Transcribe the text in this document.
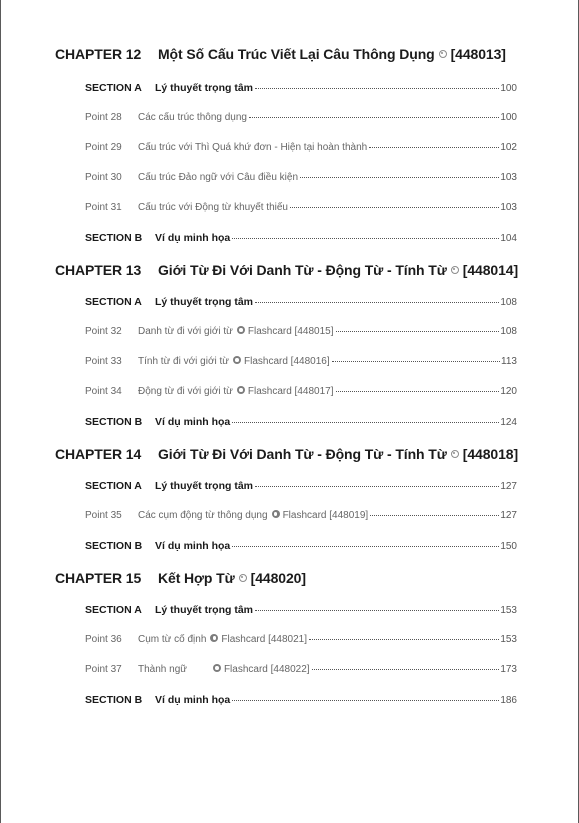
CHAPTER 12	Một Số Cấu Trúc Viết Lại Câu Thông Dụng [448013]
SECTION A	Lý thuyết trọng tâm	100
Point 28	Các cấu trúc thông dụng	100
Point 29	Cấu trúc với Thì Quá khứ đơn - Hiện tại hoàn thành	102
Point 30	Cấu trúc Đảo ngữ với Câu điều kiện	103
Point 31	Cấu trúc với Động từ khuyết thiếu	103
SECTION B	Ví dụ minh họa	104
CHAPTER 13	Giới Từ Đi Với Danh Từ - Động Từ - Tính Từ [448014]
SECTION A	Lý thuyết trọng tâm	108
Point 32	Danh từ đi với giới từ Flashcard [448015]	108
Point 33	Tính từ đi với giới từ Flashcard [448016]	113
Point 34	Động từ đi với giới từ Flashcard [448017]	120
SECTION B	Ví dụ minh họa	124
CHAPTER 14	Giới Từ Đi Với Danh Từ - Động Từ - Tính Từ [448018]
SECTION A	Lý thuyết trọng tâm	127
Point 35	Các cụm động từ thông dụng Flashcard [448019]	127
SECTION B	Ví dụ minh họa	150
CHAPTER 15	Kết Hợp Từ [448020]
SECTION A	Lý thuyết trọng tâm	153
Point 36	Cụm từ cố định Flashcard [448021]	153
Point 37	Thành ngữ	Flashcard [448022]	173
SECTION B	Ví dụ minh họa	186
